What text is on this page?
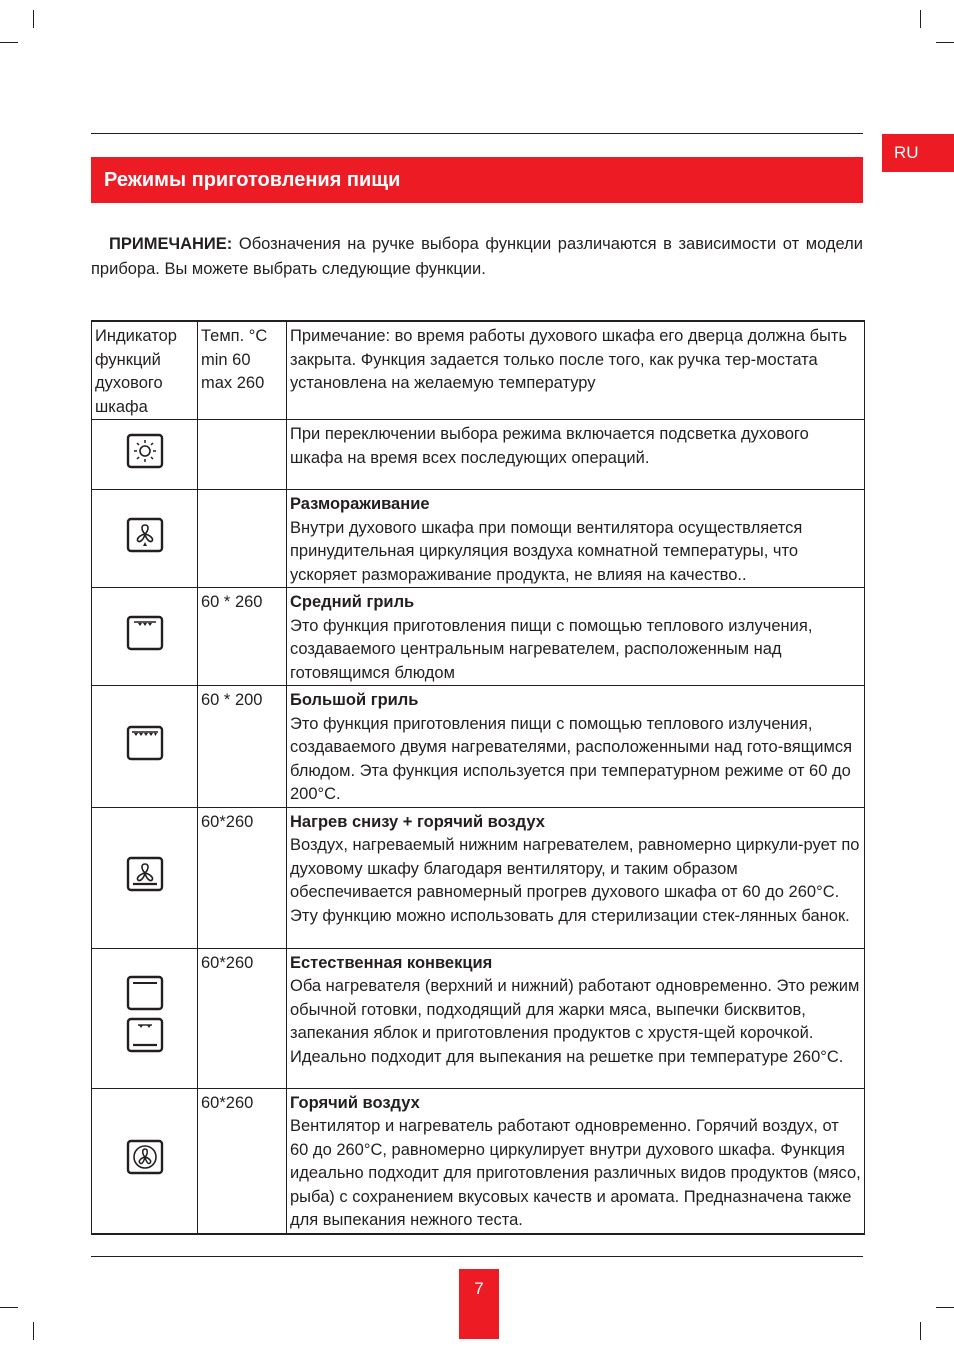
RU
Режимы приготовления пищи
ПРИМЕЧАНИЕ: Обозначения на ручке выбора функции различаются в зависимости от модели прибора. Вы можете выбрать следующие функции.
Индикатор функций духового шкафа	Темп. °С
min 60
max 260	Примечание: во время работы духового шкафа его дверца должна быть закрыта. Функция задается только после того, как ручка тер-мостата установлена на желаемую температуру

		При переключении выбора режима включается подсветка духового шкафа на время всех последующих операций.

Размораживание
Внутри духового шкафа при помощи вентилятора осуществляется принудительная циркуляция воздуха комнатной температуры, что ускоряет размораживание продукта, не влияя на качество..

	60 * 260	Средний гриль
Это функция приготовления пищи с помощью теплового излучения, создаваемого центральным нагревателем, расположенным над готовящимся блюдом

	60 * 200	Большой гриль
Это функция приготовления пищи с помощью теплового излучения, создаваемого двумя нагревателями, расположенными над гото-вящимся блюдом. Эта функция используется при температурном режиме от 60 до 200°С.

	60*260	Нагрев снизу + горячий воздух
Воздух, нагреваемый нижним нагревателем, равномерно циркули-рует по духовому шкафу благодаря вентилятору, и таким образом обеспечивается равномерный прогрев духового шкафа от 60 до 260°С. Эту функцию можно использовать для стерилизации стек-лянных банок.

	60*260	Естественная конвекция
Оба нагревателя (верхний и нижний) работают одновременно. Это режим обычной готовки, подходящий для жарки мяса, выпечки бисквитов, запекания яблок и приготовления продуктов с хрустя-щей корочкой. Идеально подходит для выпекания на решетке при температуре 260°С.

	60*260	Горячий воздух
Вентилятор и нагреватель работают одновременно. Горячий воздух, от 60 до 260°С, равномерно циркулирует внутри духового шкафа. Функция идеально подходит для приготовления различных видов продуктов (мясо, рыба) с сохранением вкусовых качеств и аромата. Предназначена также для выпекания нежного теста.
7
